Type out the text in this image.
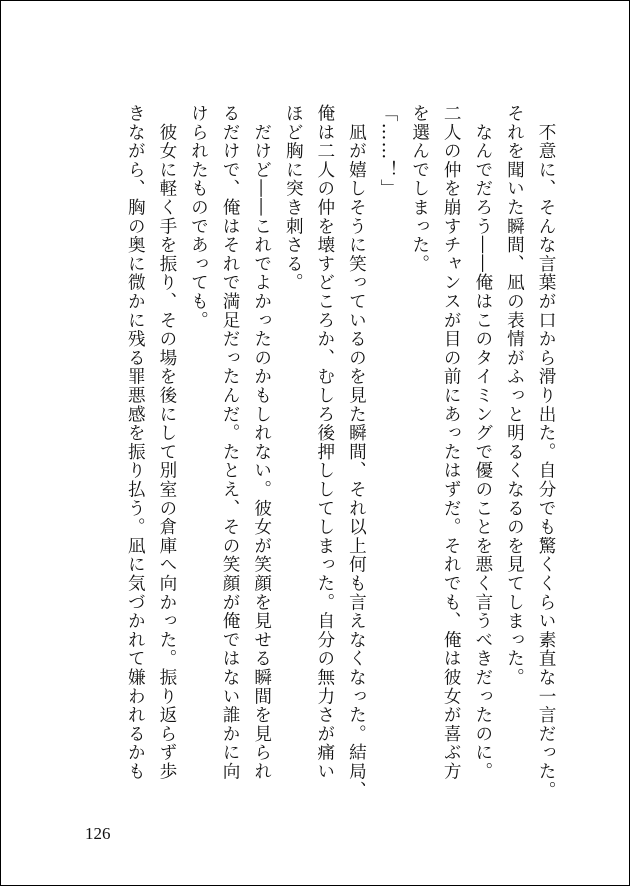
　不意に、そんな言葉が口から滑り出た。自分でも驚くくらい素直な一言だった。
それを聞いた瞬間、凪の表情がふっと明るくなるのを見てしまった。
　なんでだろう――俺はこのタイミングで優のことを悪く言うべきだったのに。
二人の仲を崩すチャンスが目の前にあったはずだ。それでも、俺は彼女が喜ぶ方
を選んでしまった。

「……！」

　凪が嬉しそうに笑っているのを見た瞬間、それ以上何も言えなくなった。結局、
俺は二人の仲を壊すどころか、むしろ後押ししてしまった。自分の無力さが痛い
ほど胸に突き刺さる。
　だけど――これでよかったのかもしれない。彼女が笑顔を見せる瞬間を見られ
るだけで、俺はそれで満足だったんだ。たとえ、その笑顔が俺ではない誰かに向
けられたものであっても。

　彼女に軽く手を振り、その場を後にして別室の倉庫へ向かった。振り返らず歩
きながら、胸の奥に微かに残る罪悪感を振り払う。凪に気づかれて嫌われるかも

126
